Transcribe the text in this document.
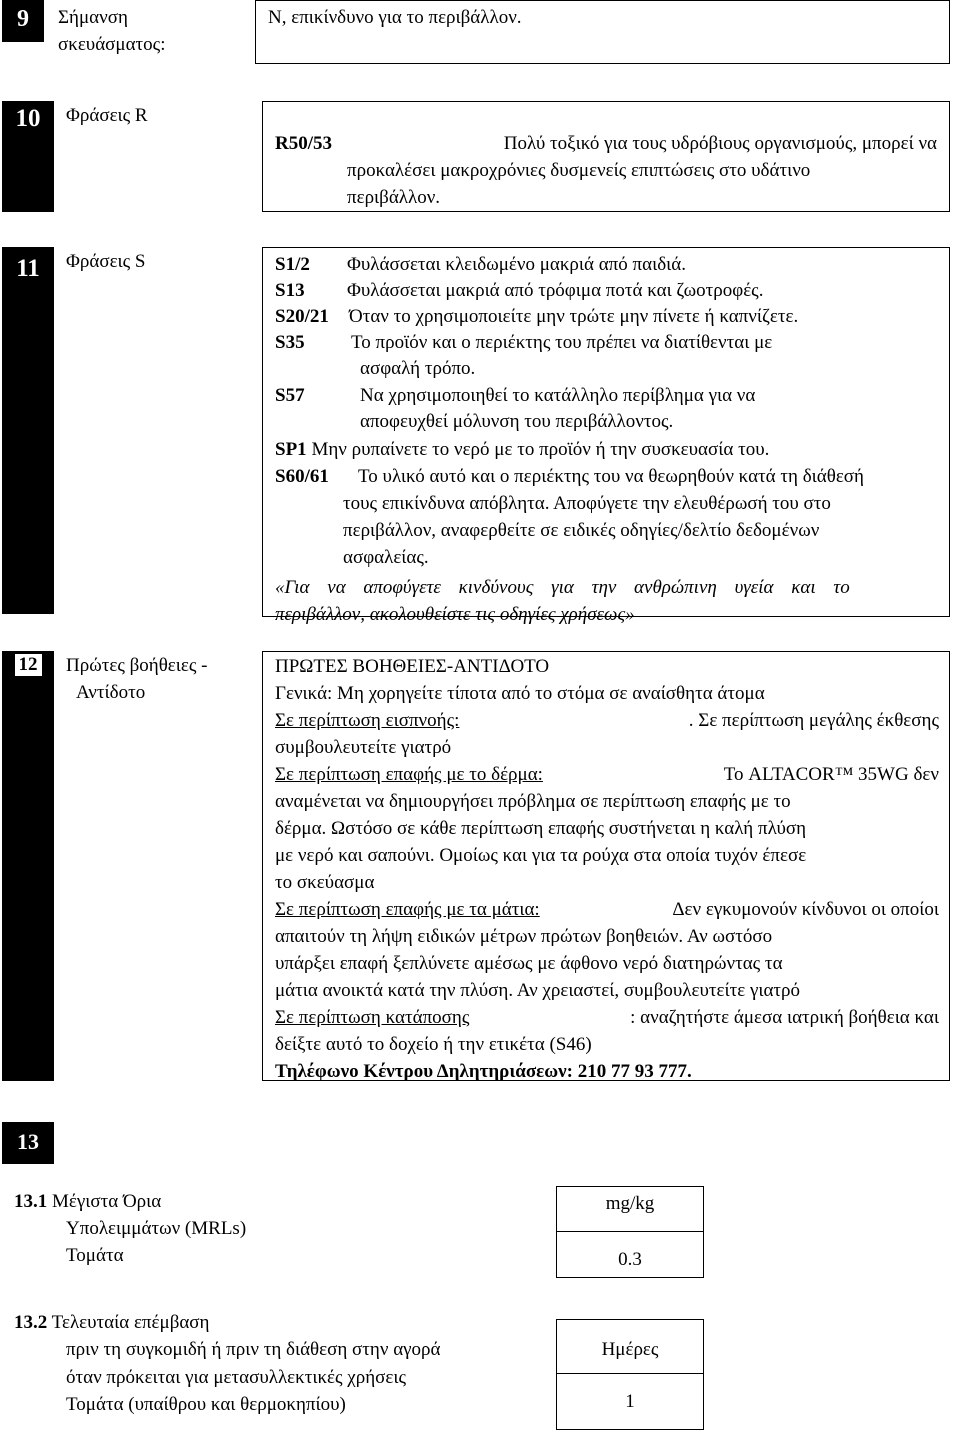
9 Σήμανση
σκευάσματος:
N, επικίνδυνο για το περιβάλλον.
10 Φράσεις R
R50/53	Πολύ τοξικό για τους υδρόβιους οργανισμούς, μπορεί να
προκαλέσει μακροχρόνιες δυσμενείς επιπτώσεις στο υδάτινο
περιβάλλον.
11 Φράσεις S	S1/2 Φυλάσσεται κλειδωμένο μακριά από παιδιά.
S13 Φυλάσσεται μακριά από τρόφιμα ποτά και ζωοτροφές.
S20/21 Όταν το χρησιμοποιείτε μην τρώτε μην πίνετε ή καπνίζετε.
S35 Το προϊόν και ο περιέκτης του πρέπει να διατίθενται με
ασφαλή τρόπο.
S57	Να χρησιμοποιηθεί το κατάλληλο περίβλημα για να
αποφευχθεί μόλυνση του περιβάλλοντος.
SP1 Μην ρυπαίνετε το νερό με το προϊόν ή την συσκευασία του.
S60/61 Το υλικό αυτό και ο περιέκτης του να θεωρηθούν κατά τη διάθεσή
τους επικίνδυνα απόβλητα. Αποφύγετε την ελευθέρωσή του στο
περιβάλλον, αναφερθείτε σε ειδικές οδηγίες/δελτίο δεδομένων
ασφαλείας.
«Για να αποφύγετε κινδύνους για την ανθρώπινη υγεία και το
περιβάλλον, ακολουθείστε τις οδηγίες χρήσεως»
12 Πρώτες βοήθειες -
Αντίδοτο
ΠΡΩΤΕΣ ΒΟΗΘΕΙΕΣ-ΑΝΤΙΔΟΤΟ
Γενικά: Μη χορηγείτε τίποτα από το στόμα σε αναίσθητα άτομα
Σε περίπτωση εισπνοής:	. Σε περίπτωση μεγάλης έκθεσης
συμβουλευτείτε γιατρό
Σε περίπτωση επαφής με το δέρμα:	Το ALTACOR™ 35WG δεν
αναμένεται να δημιουργήσει πρόβλημα σε περίπτωση επαφής με το
δέρμα. Ωστόσο σε κάθε περίπτωση επαφής συστήνεται η καλή πλύση
με νερό και σαπούνι. Ομοίως και για τα ρούχα στα οποία τυχόν έπεσε
το σκεύασμα
Σε περίπτωση επαφής με τα μάτια:	Δεν εγκυμονούν κίνδυνοι οι οποίοι
απαιτούν τη λήψη ειδικών μέτρων πρώτων βοηθειών. Αν ωστόσο
υπάρξει επαφή ξεπλύνετε αμέσως με άφθονο νερό διατηρώντας τα
μάτια ανοικτά κατά την πλύση. Αν χρειαστεί, συμβουλευτείτε γιατρό
Σε περίπτωση κατάποσης	: αναζητήστε άμεσα ιατρική βοήθεια και
δείξτε αυτό το δοχείο ή την ετικέτα (S46)
Τηλέφωνο Κέντρου Δηλητηριάσεων: 210 77 93 777.
13
13.1 Μέγιστα Όρια
Υπολειμμάτων (MRLs)
Τομάτα
mg/kg
0.3
13.2 Τελευταία επέμβαση
πριν τη συγκομιδή ή πριν τη διάθεση στην αγορά
όταν πρόκειται για μετασυλλεκτικές χρήσεις
Τομάτα (υπαίθρου και θερμοκηπίου)
Ημέρες
1
